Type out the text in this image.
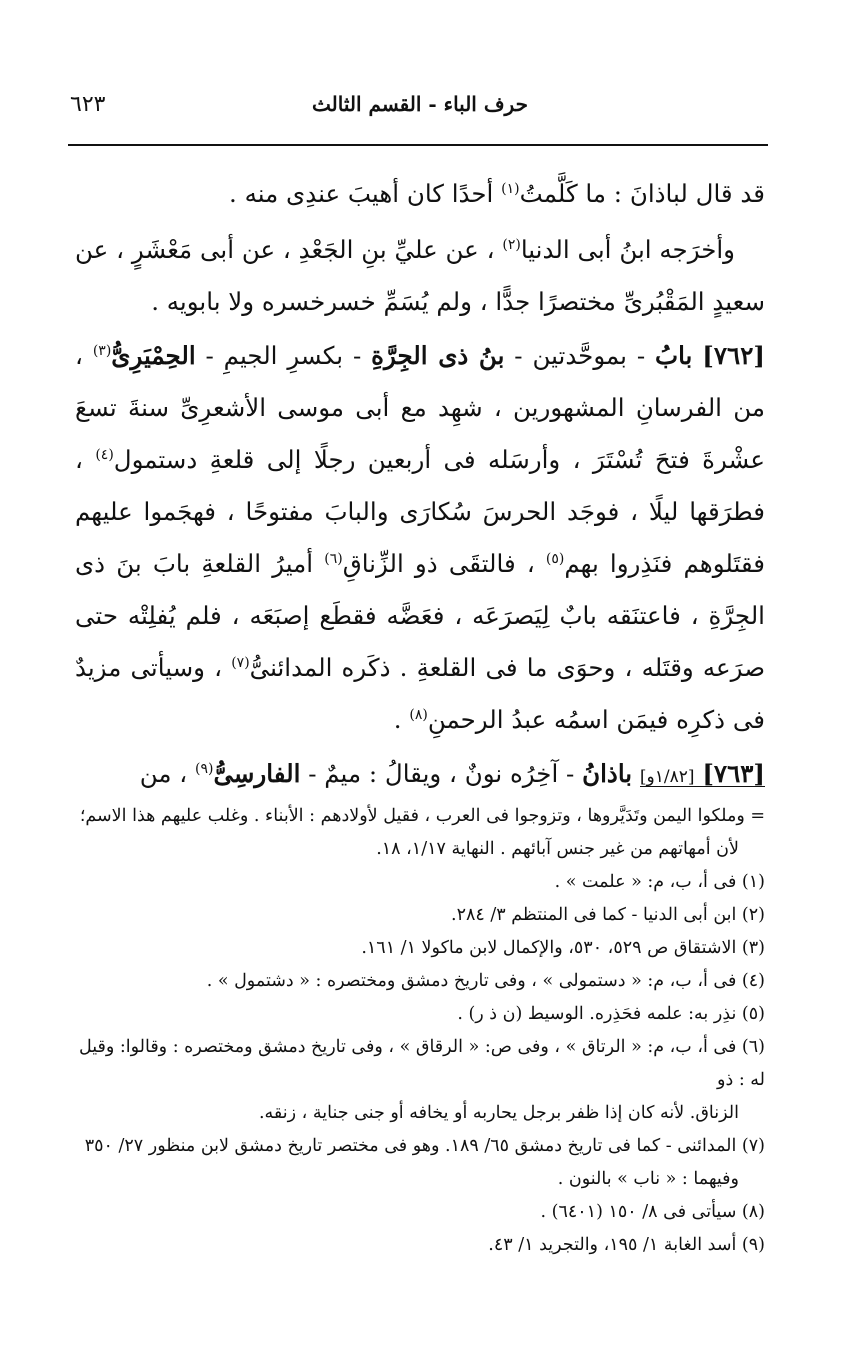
٦٢٣	حرف الباء - القسم الثالث

قد قال لباذانَ : ما كَلَّمتُ$^{(١)}$ أحدًا كان أهيبَ عندِى منه .

وأخرَجه ابنُ أبى الدنيا$^{(٢)}$ ، عن عليِّ بنِ الجَعْدِ ، عن أبى مَعْشَرٍ ، عن سعيدٍ المَقْبُرىِّ مختصرًا جدًّا ، ولم يُسَمِّ خسرخسره ولا بابويه .

[٧٦٢] بابُ - بموحَّدتين - بنُ ذى الجِرَّةِ - بكسرِ الجيمِ - الحِمْيَرِىُّ$^{(٣)}$ ، من الفرسانِ المشهورين ، شهِد مع أبى موسى الأشعرِىِّ سنةَ تسعَ عشْرةَ فتحَ تُسْتَرَ ، وأرسَله فى أربعين رجلًا إلى قلعةِ دستمول$^{(٤)}$ ، فطرَقها ليلًا ، فوجَد الحرسَ سُكارَى والبابَ مفتوحًا ، فهجَموا عليهم فقتَلوهم فنَذِروا بهم$^{(٥)}$ ، فالتقَى ذو الزِّناقِ$^{(٦)}$ أميرُ القلعةِ بابَ بنَ ذى الجِرَّةِ ، فاعتنَقه بابٌ لِيَصرَعَه ، فعَضَّه فقطَع إصبَعَه ، فلم يُفلِتْه حتى صرَعه وقتَله ، وحوَى ما فى القلعةِ . ذكَره المدائنىُّ$^{(٧)}$ ، وسيأتى مزيدٌ فى ذكرِه فيمَن اسمُه عبدُ الرحمنِ$^{(٨)}$ .

[٧٦٣] [١/٨٢و] باذانُ - آخِرُه نونٌ ، ويقالُ : ميمٌ - الفارسِىُّ$^{(٩)}$ ، من

= وملكوا اليمن وتَدَيَّروها ، وتزوجوا فى العرب ، فقيل لأولادهم : الأبناء . وغلب عليهم هذا الاسم؛

لأن أمهاتهم من غير جنس آبائهم . النهاية ١/١٧، ١٨.

(١) فى أ، ب، م: « علمت » .

(٢) ابن أبى الدنيا - كما فى المنتظم ٣/ ٢٨٤.

(٣) الاشتقاق ص ٥٢٩، ٥٣٠، والإكمال لابن ماكولا ١/ ١٦١.

(٤) فى أ، ب، م: « دستمولى » ، وفى تاريخ دمشق ومختصره : « دشتمول » .

(٥) نذِر به: علمه فحَذِره. الوسيط (ن ذ ر) .

(٦) فى أ، ب، م: « الرتاق » ، وفى ص: « الرقاق » ، وفى تاريخ دمشق ومختصره : وقالوا: وقيل له : ذو

الزناق. لأنه كان إذا ظفر برجل يحاربه أو يخافه أو جنى جناية ، زنقه.

(٧) المدائنى - كما فى تاريخ دمشق ٦٥/ ١٨٩. وهو فى مختصر تاريخ دمشق لابن منظور ٢٧/ ٣٥٠

وفيهما : « ناب » بالنون .

(٨) سيأتى فى ٨/ ١٥٠ (٦٤٠١) .

(٩) أسد الغابة ١/ ١٩٥، والتجريد ١/ ٤٣.
